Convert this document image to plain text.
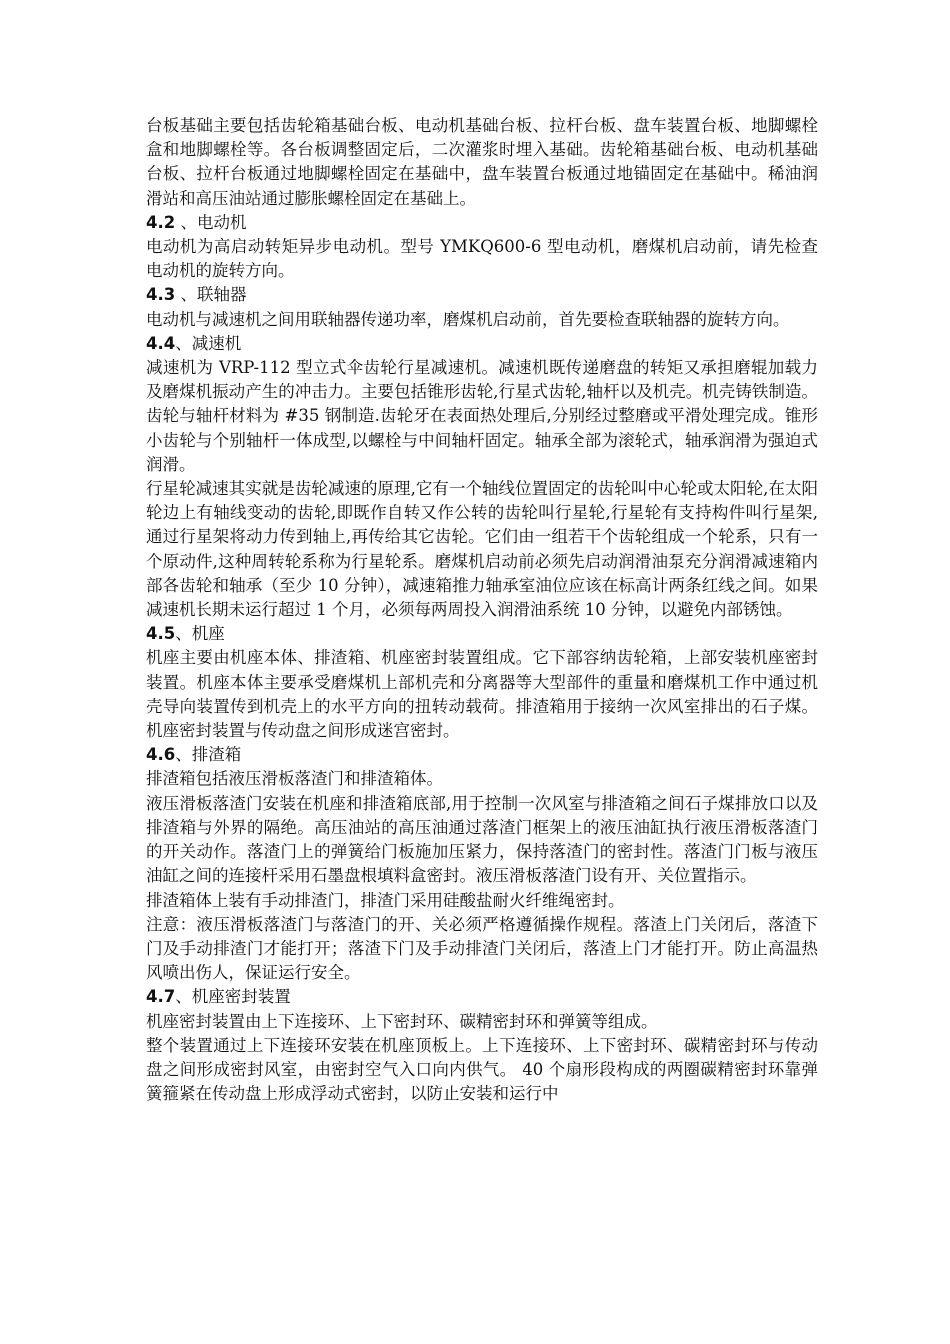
台板基础主要包括齿轮箱基础台板、电动机基础台板、拉杆台板、盘车装置台板、地脚螺栓盒和地脚螺栓等。各台板调整固定后，二次灌浆时埋入基础。齿轮箱基础台板、电动机基础台板、拉杆台板通过地脚螺栓固定在基础中，盘车装置台板通过地锚固定在基础中。稀油润滑站和高压油站通过膨胀螺栓固定在基础上。

4.2 、电动机

电动机为高启动转矩异步电动机。型号 YMKQ600-6 型电动机，磨煤机启动前，请先检查电动机的旋转方向。

4.3 、联轴器

电动机与减速机之间用联轴器传递功率，磨煤机启动前，首先要检查联轴器的旋转方向。

4.4、减速机

减速机为 VRP-112 型立式伞齿轮行星减速机。减速机既传递磨盘的转矩又承担磨辊加载力及磨煤机振动产生的冲击力。主要包括锥形齿轮,行星式齿轮,轴杆以及机壳。机壳铸铁制造。齿轮与轴杆材料为 #35 钢制造.齿轮牙在表面热处理后,分别经过整磨或平滑处理完成。锥形小齿轮与个别轴杆一体成型,以螺栓与中间轴杆固定。轴承全部为滚轮式，轴承润滑为强迫式润滑。

行星轮减速其实就是齿轮减速的原理,它有一个轴线位置固定的齿轮叫中心轮或太阳轮,在太阳轮边上有轴线变动的齿轮,即既作自转又作公转的齿轮叫行星轮,行星轮有支持构件叫行星架,通过行星架将动力传到轴上,再传给其它齿轮。它们由一组若干个齿轮组成一个轮系，只有一个原动件,这种周转轮系称为行星轮系。磨煤机启动前必须先启动润滑油泵充分润滑减速箱内部各齿轮和轴承（至少 10 分钟），减速箱推力轴承室油位应该在标高计两条红线之间。如果减速机长期未运行超过 1 个月，必须每两周投入润滑油系统 10 分钟，以避免内部锈蚀。

4.5、机座

机座主要由机座本体、排渣箱、机座密封装置组成。它下部容纳齿轮箱，上部安装机座密封装置。机座本体主要承受磨煤机上部机壳和分离器等大型部件的重量和磨煤机工作中通过机壳导向装置传到机壳上的水平方向的扭转动载荷。排渣箱用于接纳一次风室排出的石子煤。机座密封装置与传动盘之间形成迷宫密封。

4.6、排渣箱

排渣箱包括液压滑板落渣门和排渣箱体。

液压滑板落渣门安装在机座和排渣箱底部,用于控制一次风室与排渣箱之间石子煤排放口以及排渣箱与外界的隔绝。高压油站的高压油通过落渣门框架上的液压油缸执行液压滑板落渣门的开关动作。落渣门上的弹簧给门板施加压紧力，保持落渣门的密封性。落渣门门板与液压油缸之间的连接杆采用石墨盘根填料盒密封。液压滑板落渣门设有开、关位置指示。

排渣箱体上装有手动排渣门，排渣门采用硅酸盐耐火纤维绳密封。

注意：液压滑板落渣门与落渣门的开、关必须严格遵循操作规程。落渣上门关闭后，落渣下门及手动排渣门才能打开；落渣下门及手动排渣门关闭后，落渣上门才能打开。防止高温热风喷出伤人，保证运行安全。

4.7、机座密封装置

机座密封装置由上下连接环、上下密封环、碳精密封环和弹簧等组成。

整个装置通过上下连接环安装在机座顶板上。上下连接环、上下密封环、碳精密封环与传动盘之间形成密封风室，由密封空气入口向内供气。 40 个扇形段构成的两圈碳精密封环靠弹簧箍紧在传动盘上形成浮动式密封，以防止安装和运行中
